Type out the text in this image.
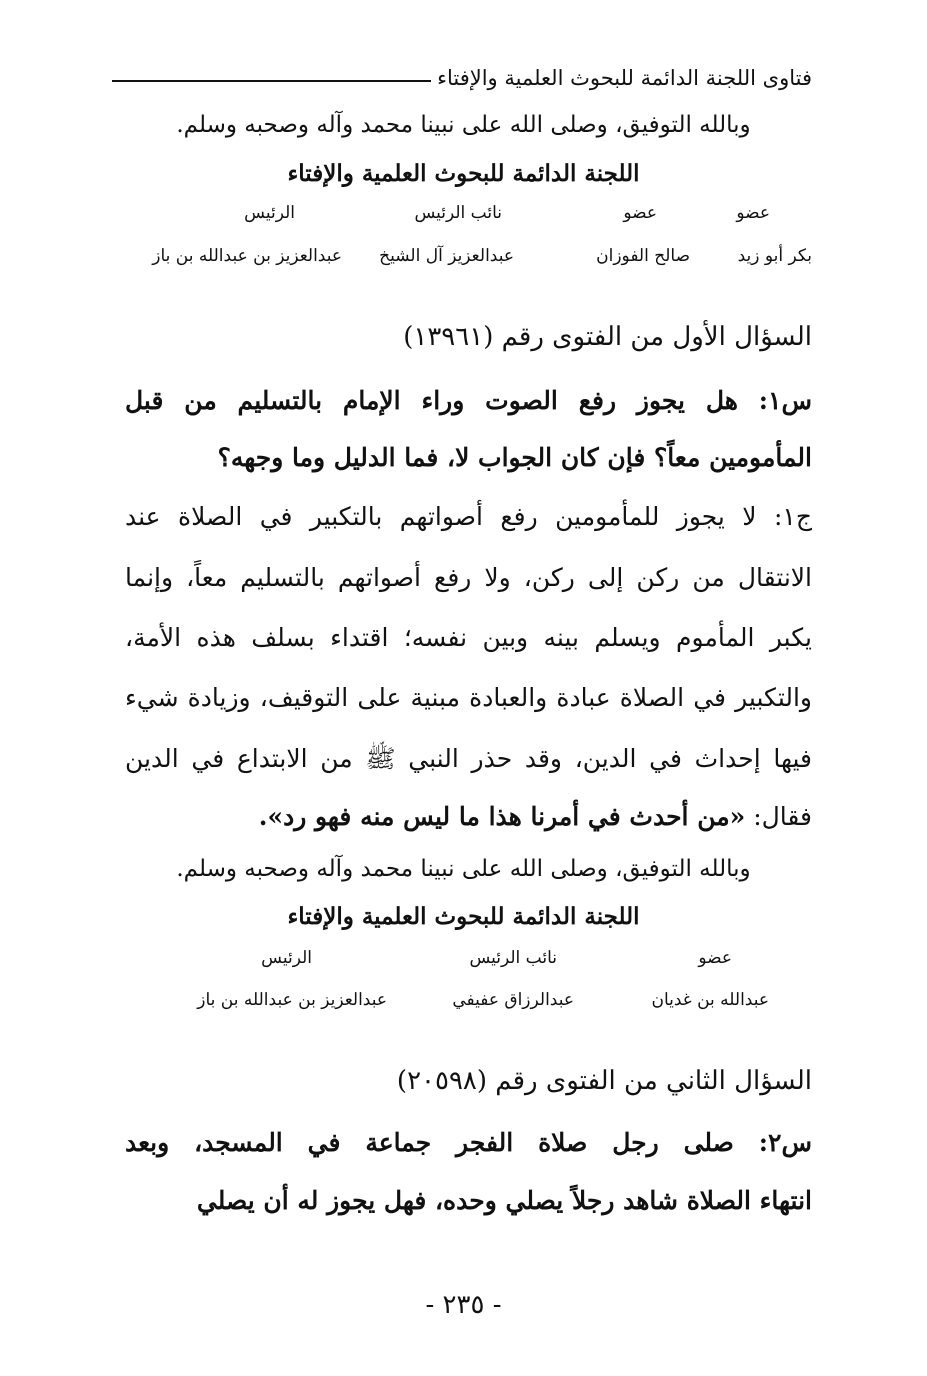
فتاوى اللجنة الدائمة للبحوث العلمية والإفتاء
وبالله التوفيق، وصلى الله على نبينا محمد وآله وصحبه وسلم.
اللجنة الدائمة للبحوث العلمية والإفتاء
عضو
عضو
نائب الرئيس
الرئيس
بكر أبو زيد
صالح الفوزان
عبدالعزيز آل الشيخ
عبدالعزيز بن عبدالله بن باز
السؤال الأول من الفتوى رقم (١٣٩٦١)
س١: هل يجوز رفع الصوت وراء الإمام بالتسليم من قبل
المأمومين معاً؟ فإن كان الجواب لا، فما الدليل وما وجهه؟
ج١: لا يجوز للمأمومين رفع أصواتهم بالتكبير في الصلاة عند
الانتقال من ركن إلى ركن، ولا رفع أصواتهم بالتسليم معاً، وإنما
يكبر المأموم ويسلم بينه وبين نفسه؛ اقتداء بسلف هذه الأمة،
والتكبير في الصلاة عبادة والعبادة مبنية على التوقيف، وزيادة شيء
فيها إحداث في الدين، وقد حذر النبي ﷺ من الابتداع في الدين
فقال: «من أحدث في أمرنا هذا ما ليس منه فهو رد».
وبالله التوفيق، وصلى الله على نبينا محمد وآله وصحبه وسلم.
اللجنة الدائمة للبحوث العلمية والإفتاء
عضو
نائب الرئيس
الرئيس
عبدالله بن غديان
عبدالرزاق عفيفي
عبدالعزيز بن عبدالله بن باز
السؤال الثاني من الفتوى رقم (٢٠٥٩٨)
س٢: صلى رجل صلاة الفجر جماعة في المسجد، وبعد
انتهاء الصلاة شاهد رجلاً يصلي وحده، فهل يجوز له أن يصلي
- ٢٣٥ -
